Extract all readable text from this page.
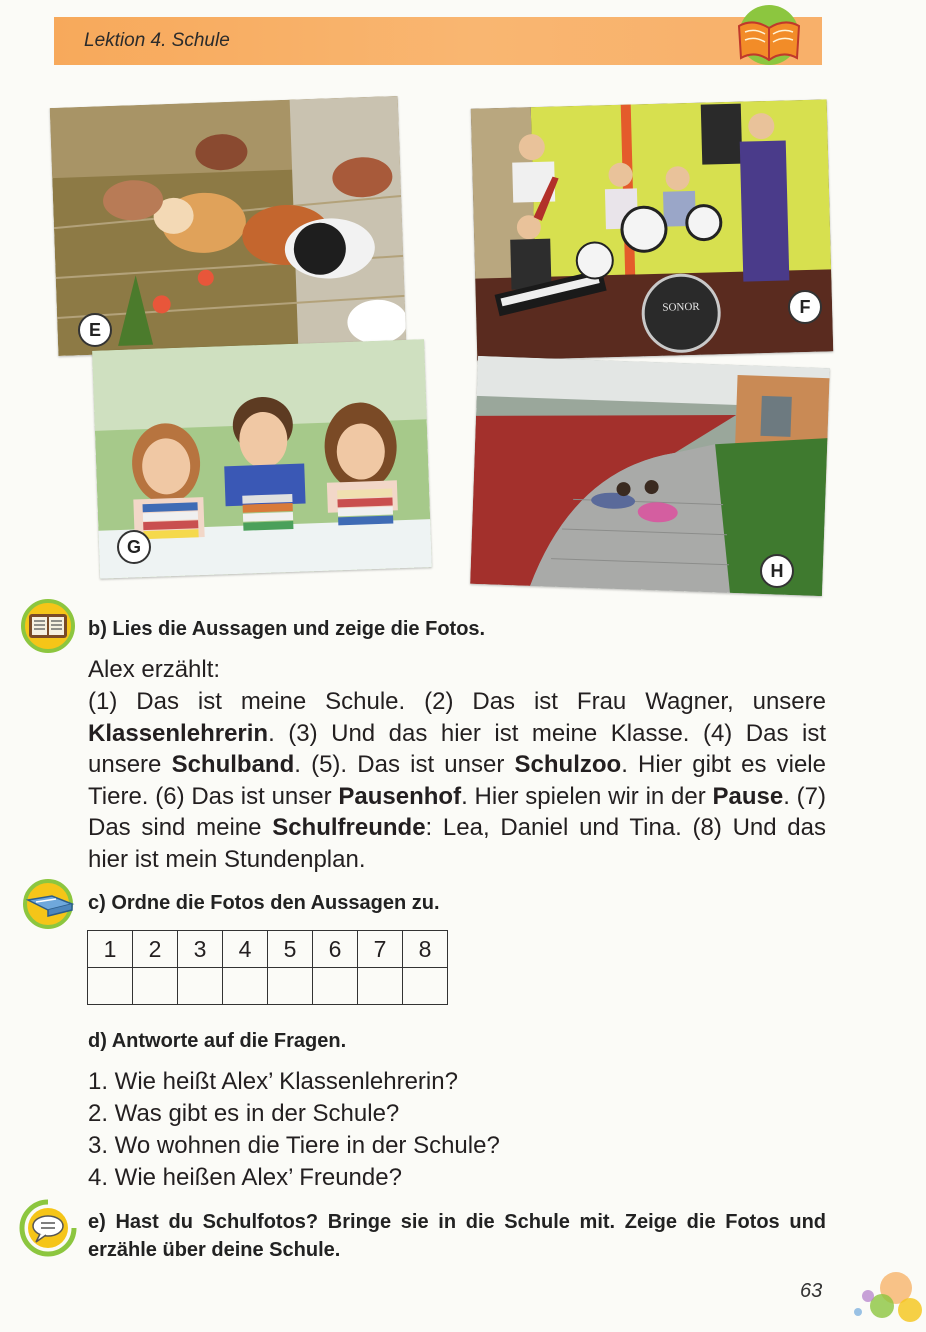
Lektion 4. Schule
E
SONOR	F
G
H
b) Lies die Aussagen und zeige die Fotos.
Alex erzählt:
(1) Das ist meine Schule. (2) Das ist Frau Wagner, unsere Klassenlehrerin. (3) Und das hier ist meine Klasse. (4) Das ist unsere Schulband. (5). Das ist unser Schulzoo. Hier gibt es viele Tiere. (6) Das ist unser Pausenhof. Hier spielen wir in der Pause. (7) Das sind meine Schulfreunde: Lea, Daniel und Tina. (8) Und das hier ist mein Stundenplan.
c) Ordne die Fotos den Aussagen zu.
1	2	3	4	5	6	7	8

d) Antworte auf die Fragen.
1. Wie heißt Alex’ Klassenlehrerin?
2. Was gibt es in der Schule?
3. Wo wohnen die Tiere in der Schule?
4. Wie heißen Alex’ Freunde?
e) Hast du Schulfotos? Bringe sie in die Schule mit. Zeige die Fotos und erzähle über deine Schule.
63
